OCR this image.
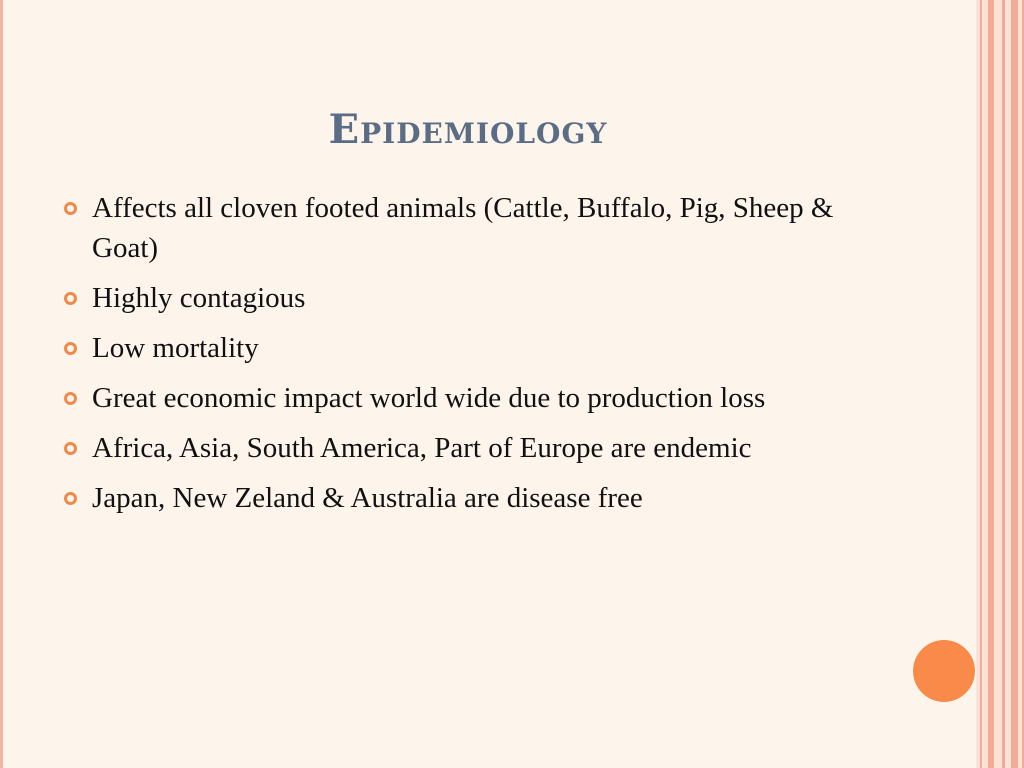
Epidemiology
Affects all cloven footed animals (Cattle, Buffalo, Pig, Sheep & Goat)
Highly contagious
Low mortality
Great economic impact world wide due to production loss
Africa, Asia, South America, Part of Europe are endemic
Japan, New Zeland & Australia are disease free
